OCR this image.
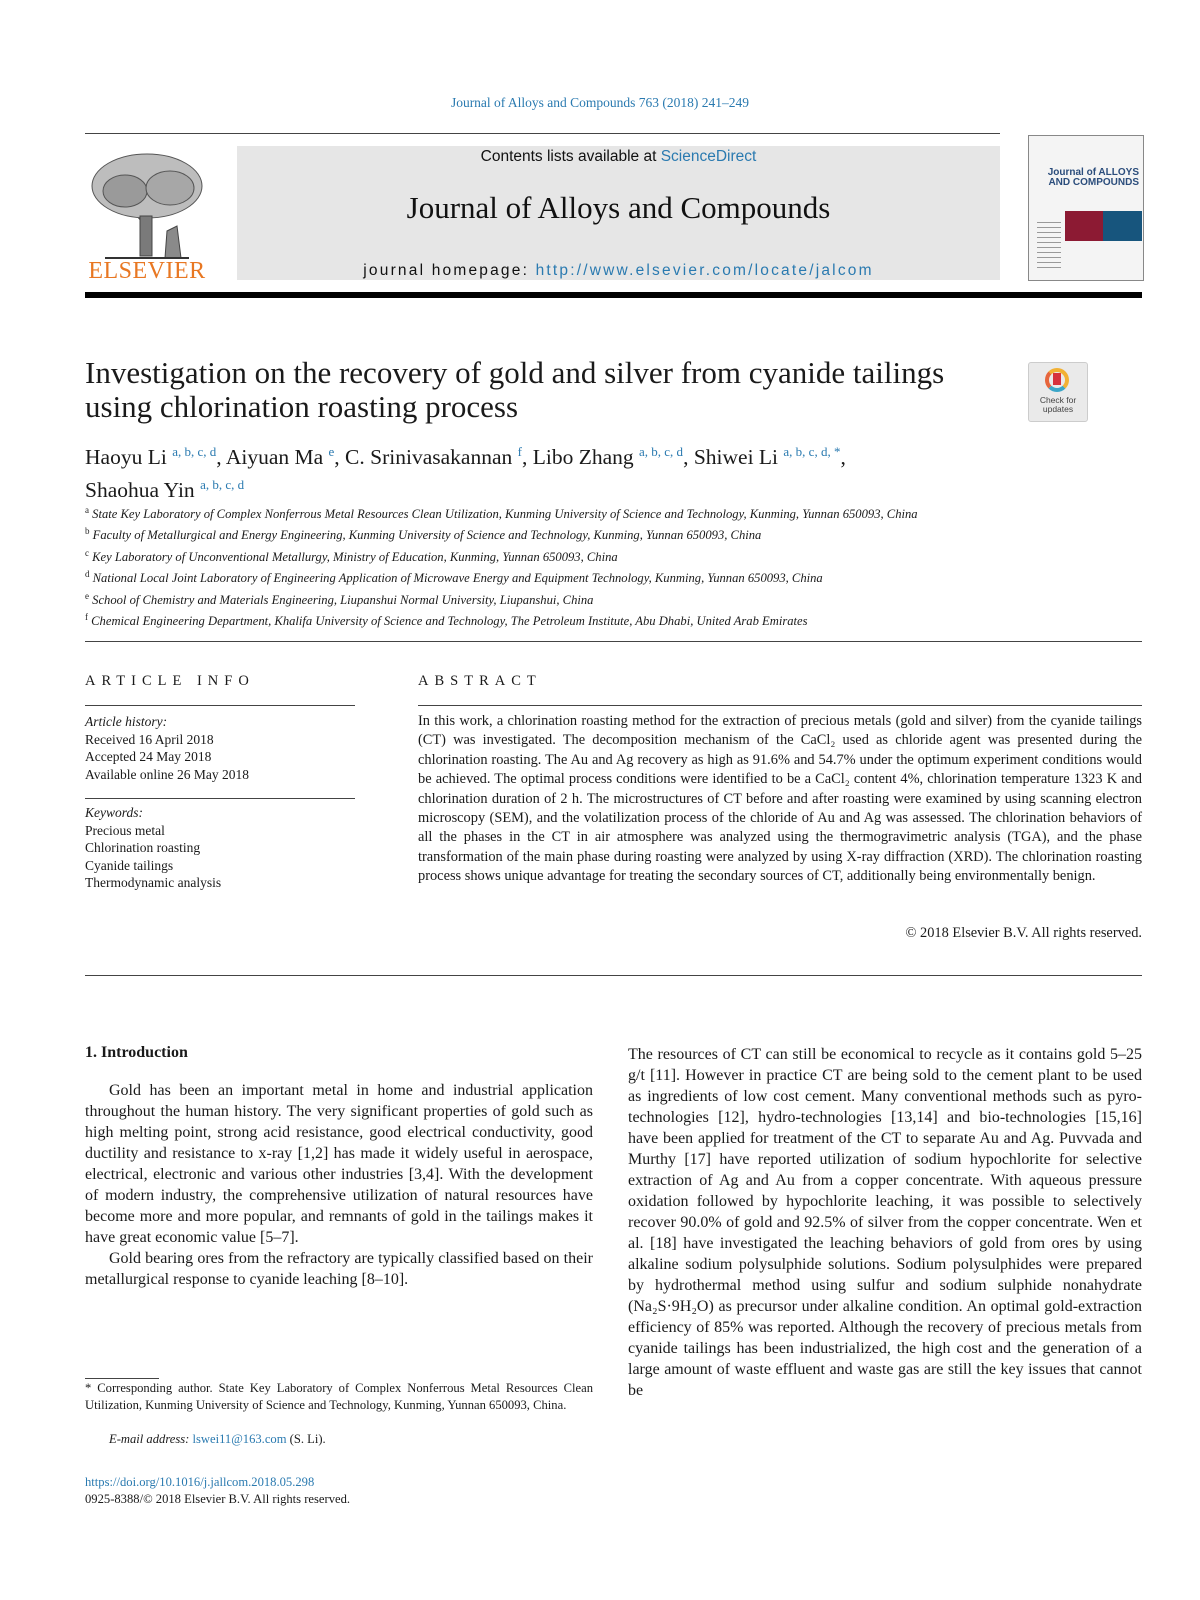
Journal of Alloys and Compounds 763 (2018) 241–249
ELSEVIER
Contents lists available at ScienceDirect
Journal of Alloys and Compounds
journal homepage: http://www.elsevier.com/locate/jalcom
Journal of ALLOYS AND COMPOUNDS
Investigation on the recovery of gold and silver from cyanide tailings using chlorination roasting process	Check for updates
Haoyu Li $^{a, b, c, d}$, Aiyuan Ma $^e$, C. Srinivasakannan $^f$, Libo Zhang $^{a, b, c, d}$, Shiwei Li $^{a, b, c, d, *}$,
Shaohua Yin $^{a, b, c, d}$
$^a$ State Key Laboratory of Complex Nonferrous Metal Resources Clean Utilization, Kunming University of Science and Technology, Kunming, Yunnan 650093, China
$^b$ Faculty of Metallurgical and Energy Engineering, Kunming University of Science and Technology, Kunming, Yunnan 650093, China
$^c$ Key Laboratory of Unconventional Metallurgy, Ministry of Education, Kunming, Yunnan 650093, China
$^d$ National Local Joint Laboratory of Engineering Application of Microwave Energy and Equipment Technology, Kunming, Yunnan 650093, China
$^e$ School of Chemistry and Materials Engineering, Liupanshui Normal University, Liupanshui, China
$^f$ Chemical Engineering Department, Khalifa University of Science and Technology, The Petroleum Institute, Abu Dhabi, United Arab Emirates
ARTICLE INFO	ABSTRACT
Article history:
Received 16 April 2018
Accepted 24 May 2018
Available online 26 May 2018
Keywords:
Precious metal
Chlorination roasting
Cyanide tailings
Thermodynamic analysis
In this work, a chlorination roasting method for the extraction of precious metals (gold and silver) from the cyanide tailings (CT) was investigated. The decomposition mechanism of the CaCl₂ used as chloride agent was presented during the chlorination roasting. The Au and Ag recovery as high as 91.6% and 54.7% under the optimum experiment conditions would be achieved. The optimal process conditions were identified to be a CaCl₂ content 4%, chlorination temperature 1323 K and chlorination duration of 2 h. The microstructures of CT before and after roasting were examined by using scanning electron microscopy (SEM), and the volatilization process of the chloride of Au and Ag was assessed. The chlorination behaviors of all the phases in the CT in air atmosphere was analyzed using the thermogravimetric analysis (TGA), and the phase transformation of the main phase during roasting were analyzed by using X-ray diffraction (XRD). The chlorination roasting process shows unique advantage for treating the secondary sources of CT, additionally being environmentally benign.
© 2018 Elsevier B.V. All rights reserved.
1. Introduction

Gold has been an important metal in home and industrial application throughout the human history. The very significant properties of gold such as high melting point, strong acid resistance, good electrical conductivity, good ductility and resistance to x-ray [1,2] has made it widely useful in aerospace, electrical, electronic and various other industries [3,4]. With the development of modern industry, the comprehensive utilization of natural resources have become more and more popular, and remnants of gold in the tailings makes it have great economic value [5–7].

Gold bearing ores from the refractory are typically classified based on their metallurgical response to cyanide leaching [8–10].

The resources of CT can still be economical to recycle as it contains gold 5–25 g/t [11]. However in practice CT are being sold to the cement plant to be used as ingredients of low cost cement. Many conventional methods such as pyro-technologies [12], hydro-technologies [13,14] and bio-technologies [15,16] have been applied for treatment of the CT to separate Au and Ag. Puvvada and Murthy [17] have reported utilization of sodium hypochlorite for selective extraction of Ag and Au from a copper concentrate. With aqueous pressure oxidation followed by hypochlorite leaching, it was possible to selectively recover 90.0% of gold and 92.5% of silver from the copper concentrate. Wen et al. [18] have investigated the leaching behaviors of gold from ores by using alkaline sodium polysulphide solutions. Sodium polysulphides were prepared by hydrothermal method using sulfur and sodium sulphide nonahydrate (Na₂S·9H₂O) as precursor under alkaline condition. An optimal gold-extraction efficiency of 85% was reported. Although the recovery of precious metals from cyanide tailings has been industrialized, the high cost and the generation of a large amount of waste effluent and waste gas are still the key issues that cannot be

* Corresponding author. State Key Laboratory of Complex Nonferrous Metal Resources Clean Utilization, Kunming University of Science and Technology, Kunming, Yunnan 650093, China.
E-mail address: lswei11@163.com (S. Li).
https://doi.org/10.1016/j.jallcom.2018.05.298
0925-8388/© 2018 Elsevier B.V. All rights reserved.
